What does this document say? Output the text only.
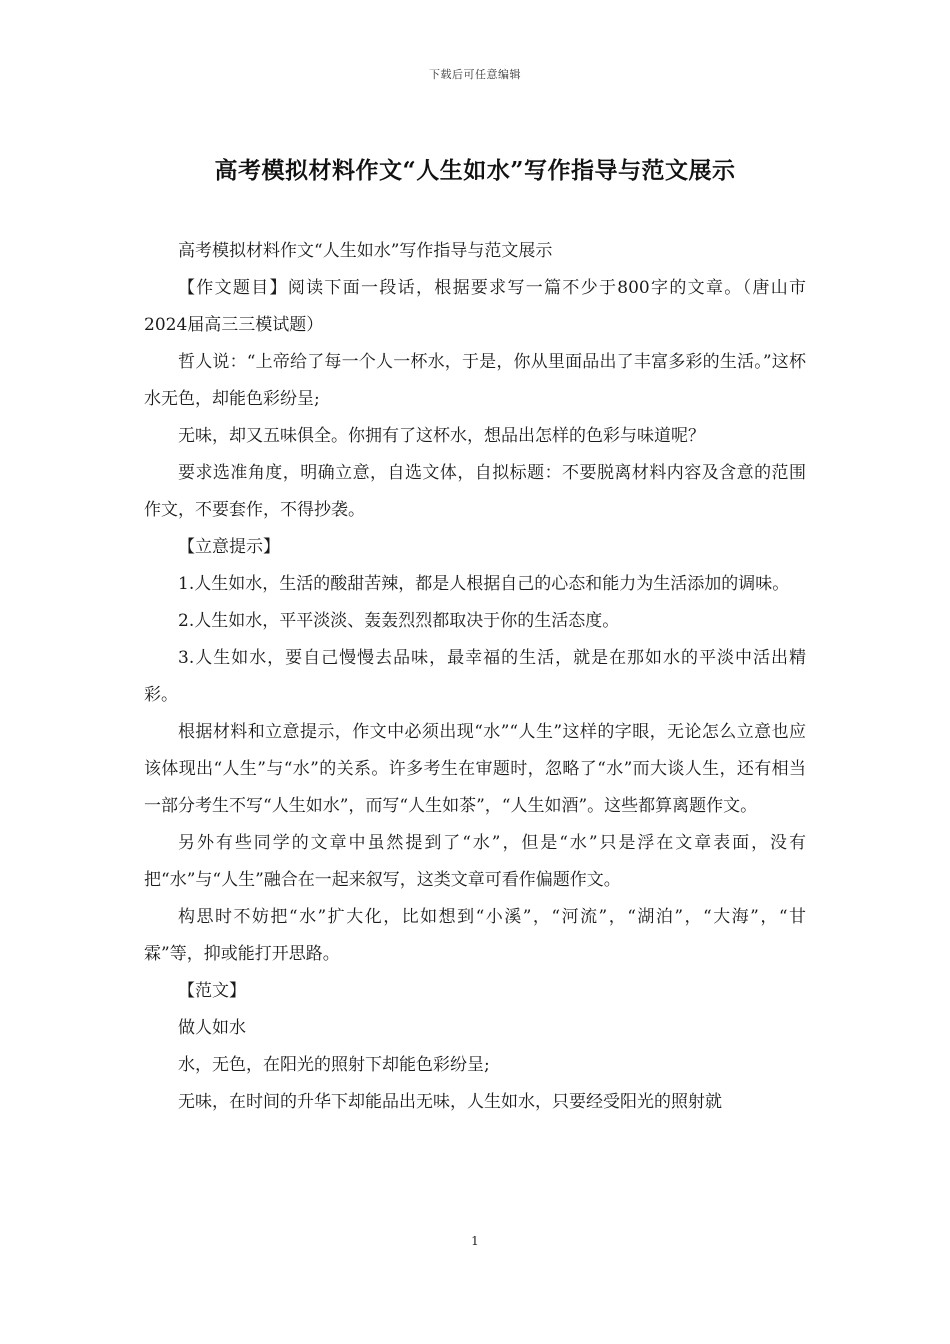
下载后可任意编辑
高考模拟材料作文“人生如水”写作指导与范文展示

高考模拟材料作文“人生如水”写作指导与范文展示

【作文题目】阅读下面一段话，根据要求写一篇不少于800字的文章。（唐山市2024届高三三模试题）

哲人说：“上帝给了每一个人一杯水，于是，你从里面品出了丰富多彩的生活。”这杯水无色，却能色彩纷呈;

无味，却又五味俱全。你拥有了这杯水，想品出怎样的色彩与味道呢？

要求选准角度，明确立意，自选文体，自拟标题：不要脱离材料内容及含意的范围作文，不要套作，不得抄袭。

【立意提示】

1.人生如水，生活的酸甜苦辣，都是人根据自己的心态和能力为生活添加的调味。

2.人生如水，平平淡淡、轰轰烈烈都取决于你的生活态度。

3.人生如水，要自己慢慢去品味，最幸福的生活，就是在那如水的平淡中活出精彩。

根据材料和立意提示，作文中必须出现“水”“人生”这样的字眼，无论怎么立意也应该体现出“人生”与“水”的关系。许多考生在审题时，忽略了“水”而大谈人生，还有相当一部分考生不写“人生如水”，而写“人生如茶”，“人生如酒”。这些都算离题作文。

另外有些同学的文章中虽然提到了“水”，但是“水”只是浮在文章表面，没有把“水”与“人生”融合在一起来叙写，这类文章可看作偏题作文。

构思时不妨把“水”扩大化，比如想到“小溪”，“河流”，“湖泊”，“大海”，“甘霖”等，抑或能打开思路。

【范文】

做人如水

水，无色，在阳光的照射下却能色彩纷呈;

无味，在时间的升华下却能品出无味，人生如水，只要经受阳光的照射就

1
